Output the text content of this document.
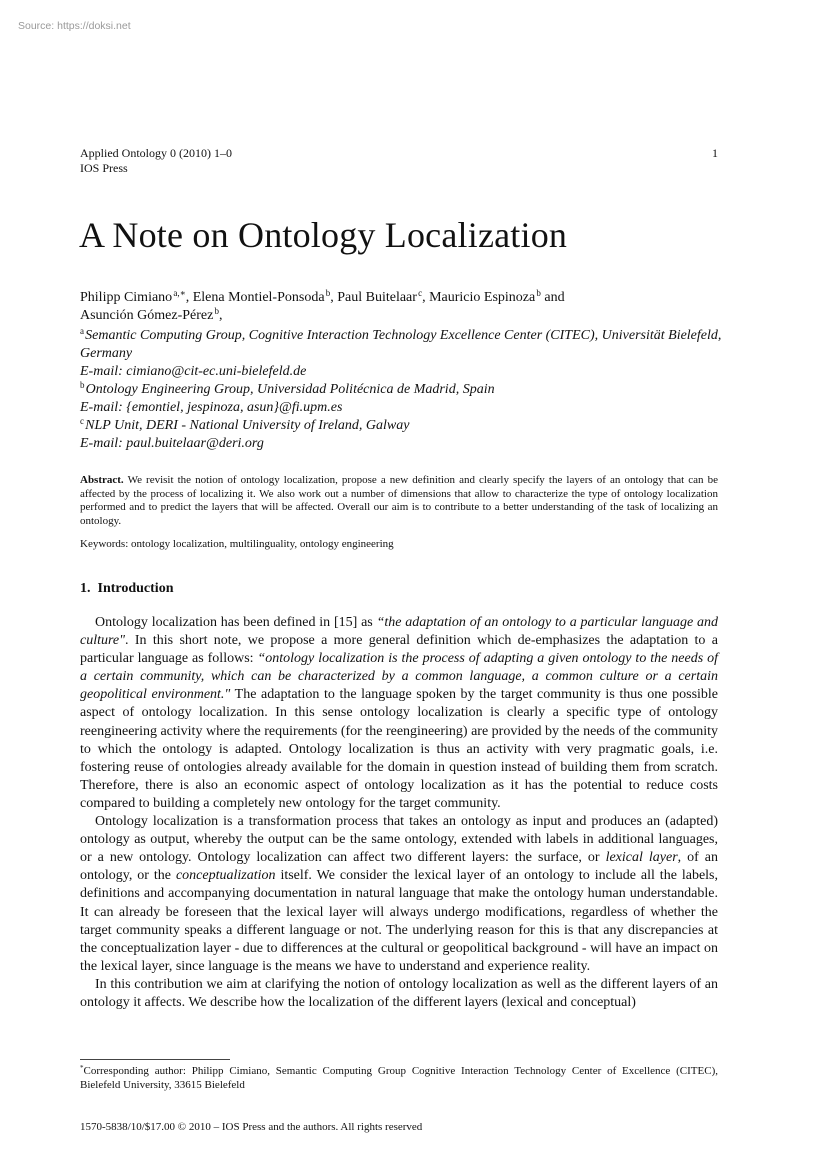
Source: https://doksi.net
Applied Ontology 0 (2010) 1–0
IOS Press
1
A Note on Ontology Localization
Philipp Cimiano $^{a,∗}$, Elena Montiel-Ponsoda $^b$, Paul Buitelaar $^c$, Mauricio Espinoza $^b$ and
Asunción Gómez-Pérez $^b$,
$^a$ Semantic Computing Group, Cognitive Interaction Technology Excellence Center (CITEC), Universität Bielefeld, Germany
E-mail: cimiano@cit-ec.uni-bielefeld.de
$^b$ Ontology Engineering Group, Universidad Politécnica de Madrid, Spain
E-mail: {emontiel, jespinoza, asun}@fi.upm.es
$^c$ NLP Unit, DERI - National University of Ireland, Galway
E-mail: paul.buitelaar@deri.org
Abstract. We revisit the notion of ontology localization, propose a new definition and clearly specify the layers of an ontology that can be affected by the process of localizing it. We also work out a number of dimensions that allow to characterize the type of ontology localization performed and to predict the layers that will be affected. Overall our aim is to contribute to a better understanding of the task of localizing an ontology.
Keywords: ontology localization, multilinguality, ontology engineering
1. Introduction

Ontology localization has been defined in [15] as “the adaptation of an ontology to a particular language and culture". In this short note, we propose a more general definition which de-emphasizes the adaptation to a particular language as follows: “ontology localization is the process of adapting a given ontology to the needs of a certain community, which can be characterized by a common language, a common culture or a certain geopolitical environment." The adaptation to the language spoken by the target community is thus one possible aspect of ontology localization. In this sense ontology localization is clearly a specific type of ontology reengineering activity where the requirements (for the reengineering) are provided by the needs of the community to which the ontology is adapted. Ontology localization is thus an activity with very pragmatic goals, i.e. fostering reuse of ontologies already available for the domain in question instead of building them from scratch. Therefore, there is also an economic aspect of ontology localization as it has the potential to reduce costs compared to building a completely new ontology for the target community.

Ontology localization is a transformation process that takes an ontology as input and produces an (adapted) ontology as output, whereby the output can be the same ontology, extended with labels in additional languages, or a new ontology. Ontology localization can affect two different layers: the surface, or lexical layer, of an ontology, or the conceptualization itself. We consider the lexical layer of an ontology to include all the labels, definitions and accompanying documentation in natural language that make the ontology human understandable. It can already be foreseen that the lexical layer will always undergo modifications, regardless of whether the target community speaks a different language or not. The underlying reason for this is that any discrepancies at the conceptualization layer - due to differences at the cultural or geopolitical background - will have an impact on the lexical layer, since language is the means we have to understand and experience reality.

In this contribution we aim at clarifying the notion of ontology localization as well as the different layers of an ontology it affects. We describe how the localization of the different layers (lexical and conceptual)

*Corresponding author: Philipp Cimiano, Semantic Computing Group Cognitive Interaction Technology Center of Excellence (CITEC), Bielefeld University, 33615 Bielefeld
1570-5838/10/$17.00 © 2010 – IOS Press and the authors. All rights reserved
